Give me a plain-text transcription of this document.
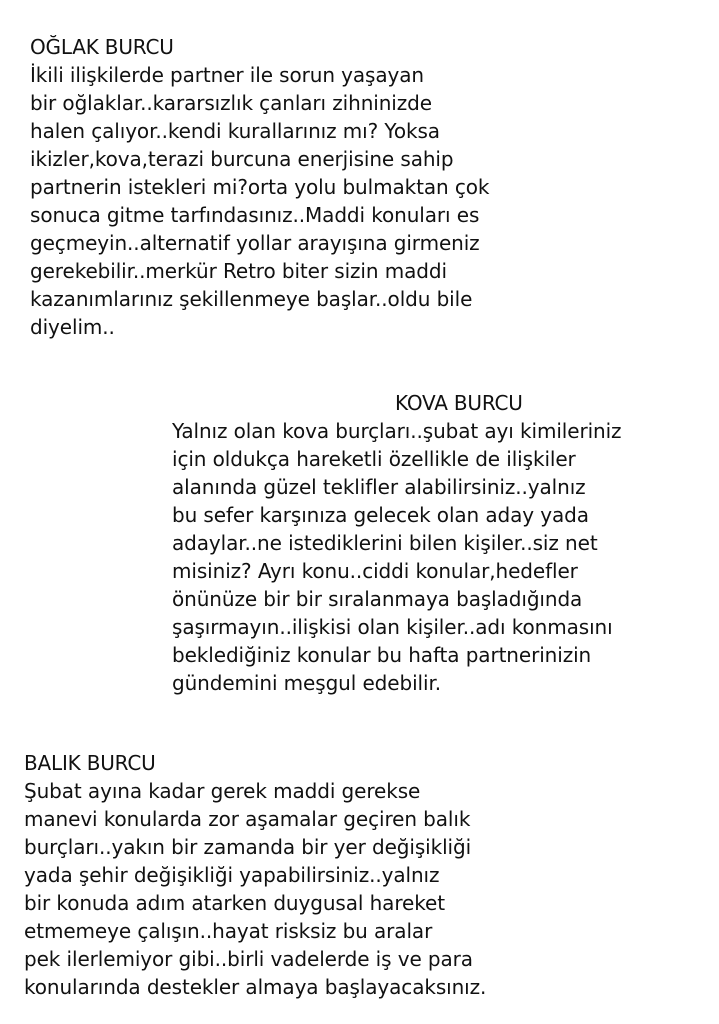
OĞLAK BURCU
İkili ilişkilerde partner ile sorun yaşayan
bir oğlaklar..kararsızlık çanları zihninizde
halen çalıyor..kendi kurallarınız mı? Yoksa
ikizler,kova,terazi burcuna enerjisine sahip
partnerin istekleri mi?orta yolu bulmaktan çok
sonuca gitme tarfındasınız..Maddi konuları es
geçmeyin..alternatif yollar arayışına girmeniz
gerekebilir..merkür Retro biter sizin maddi
kazanımlarınız şekillenmeye başlar..oldu bile
diyelim..
KOVA BURCU
Yalnız olan kova burçları..şubat ayı kimileriniz
için oldukça hareketli özellikle de ilişkiler
alanında güzel teklifler alabilirsiniz..yalnız
bu sefer karşınıza gelecek olan aday yada
adaylar..ne istediklerini bilen kişiler..siz net
misiniz? Ayrı konu..ciddi konular,hedefler
önünüze bir bir sıralanmaya başladığında
şaşırmayın..ilişkisi olan kişiler..adı konmasını
beklediğiniz konular bu hafta partnerinizin
gündemini meşgul edebilir.
BALIK BURCU
Şubat ayına kadar gerek maddi gerekse
manevi konularda zor aşamalar geçiren balık
burçları..yakın bir zamanda bir yer değişikliği
yada şehir değişikliği yapabilirsiniz..yalnız
bir konuda adım atarken duygusal hareket
etmemeye çalışın..hayat risksiz bu aralar
pek ilerlemiyor gibi..birli vadelerde iş ve para
konularında destekler almaya başlayacaksınız.
